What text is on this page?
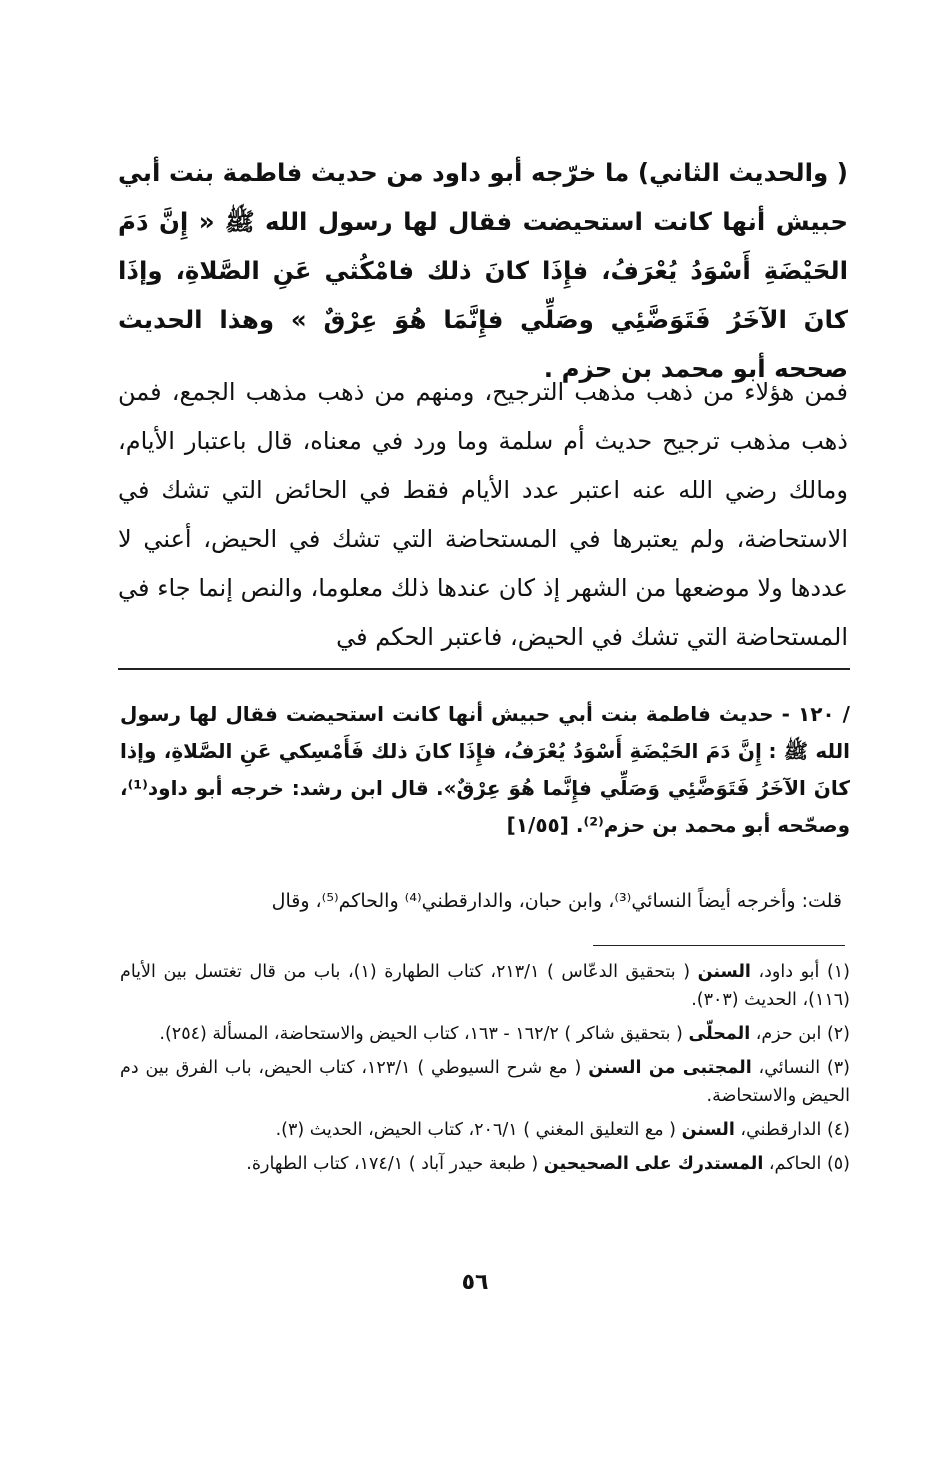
( والحديث الثاني) ما خرّجه أبو داود من حديث فاطمة بنت أبي حبيش أنها كانت استحيضت فقال لها رسول الله ﷺ « إِنَّ دَمَ الحَيْضَةِ أَسْوَدُ يُعْرَفُ، فإِذَا كانَ ذلك فامْكُثي عَنِ الصَّلاةِ، وإذَا كانَ الآخَرُ فَتَوَضَّئِي وصَلِّي فإِنَّمَا هُوَ عِرْقٌ » وهذا الحديث صححه أبو محمد بن حزم .

فمن هؤلاء من ذهب مذهب الترجيح، ومنهم من ذهب مذهب الجمع، فمن ذهب مذهب ترجيح حديث أم سلمة وما ورد في معناه، قال باعتبار الأيام، ومالك رضي الله عنه اعتبر عدد الأيام فقط في الحائض التي تشك في الاستحاضة، ولم يعتبرها في المستحاضة التي تشك في الحيض، أعني لا عددها ولا موضعها من الشهر إذ كان عندها ذلك معلوما، والنص إنما جاء في المستحاضة التي تشك في الحيض، فاعتبر الحكم في

/ ١٢٠ - حديث فاطمة بنت أبي حبيش أنها كانت استحيضت فقال لها رسول الله ﷺ : إِنَّ دَمَ الحَيْضَةِ أَسْوَدُ يُعْرَفُ، فإِذَا كانَ ذلك فَأَمْسِكي عَنِ الصَّلاةِ، وإذا كانَ الآخَرُ فَتَوَضَّئِي وَصَلِّي فإِنَّما هُوَ عِرْقٌ». قال ابن رشد: خرجه أبو داود⁽¹⁾، وصحّحه أبو محمد بن حزم⁽²⁾. [١/٥٥]
قلت: وأخرجه أيضاً النسائي⁽³⁾، وابن حبان، والدارقطني⁽⁴⁾ والحاكم⁽⁵⁾، وقال

(١) أبو داود، السنن ( بتحقيق الدعّاس ) ٢١٣/١، كتاب الطهارة (١)، باب من قال تغتسل بين الأيام (١١٦)، الحديث (٣٠٣).

(٢) ابن حزم، المحلّى ( بتحقيق شاكر ) ١٦٢/٢ - ١٦٣، كتاب الحيض والاستحاضة، المسألة (٢٥٤).

(٣) النسائي، المجتبى من السنن ( مع شرح السيوطي ) ١٢٣/١، كتاب الحيض، باب الفرق بين دم الحيض والاستحاضة.

(٤) الدارقطني، السنن ( مع التعليق المغني ) ٢٠٦/١، كتاب الحيض، الحديث (٣).

(٥) الحاكم، المستدرك على الصحيحين ( طبعة حيدر آباد ) ١٧٤/١، كتاب الطهارة.

٥٦
